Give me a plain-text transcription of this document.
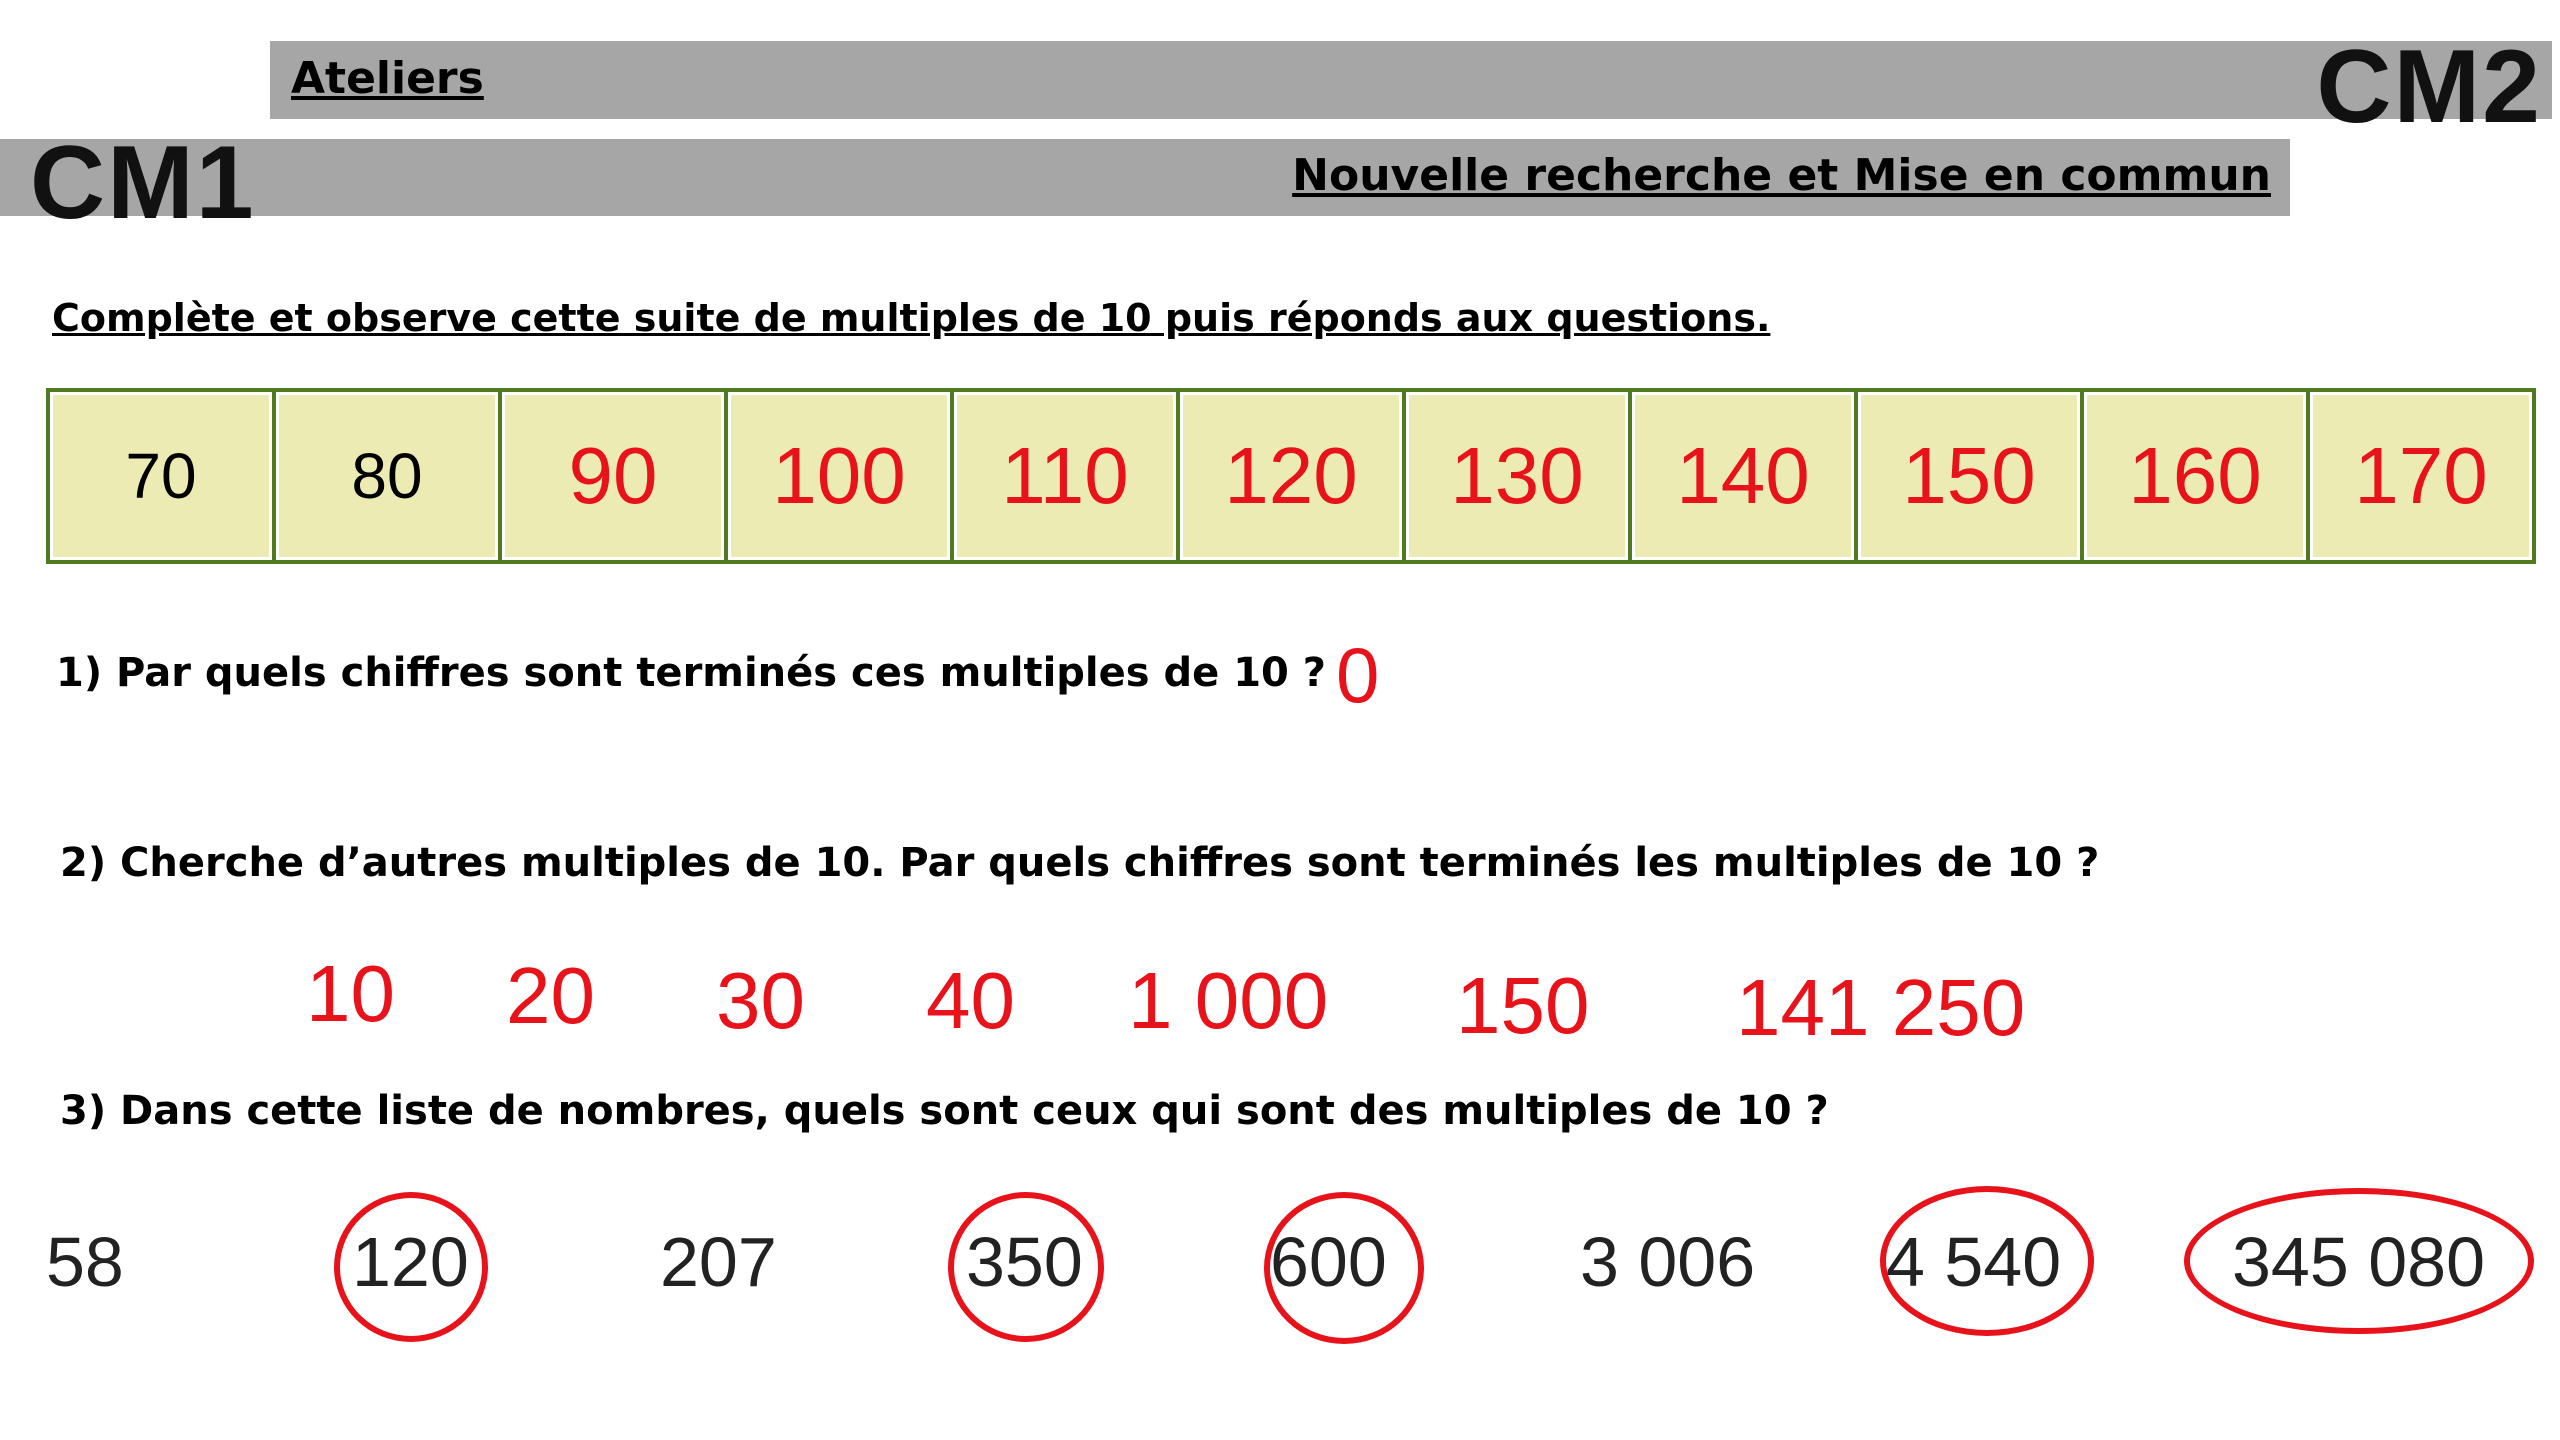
Ateliers	CM2
CM1	Nouvelle recherche et Mise en commun
Complète et observe cette suite de multiples de 10 puis réponds aux questions.
70 80 90 100 110 120 130 140 150 160 170
1) Par quels chiffres sont terminés ces multiples de 10 ? 0
2) Cherche d’autres multiples de 10. Par quels chiffres sont terminés les multiples de 10 ?
10 20 30 40 1 000 150 141 250
3) Dans cette liste de nombres, quels sont ceux qui sont des multiples de 10 ?
58	120	207	350	600	3 006 4 540 345 080
